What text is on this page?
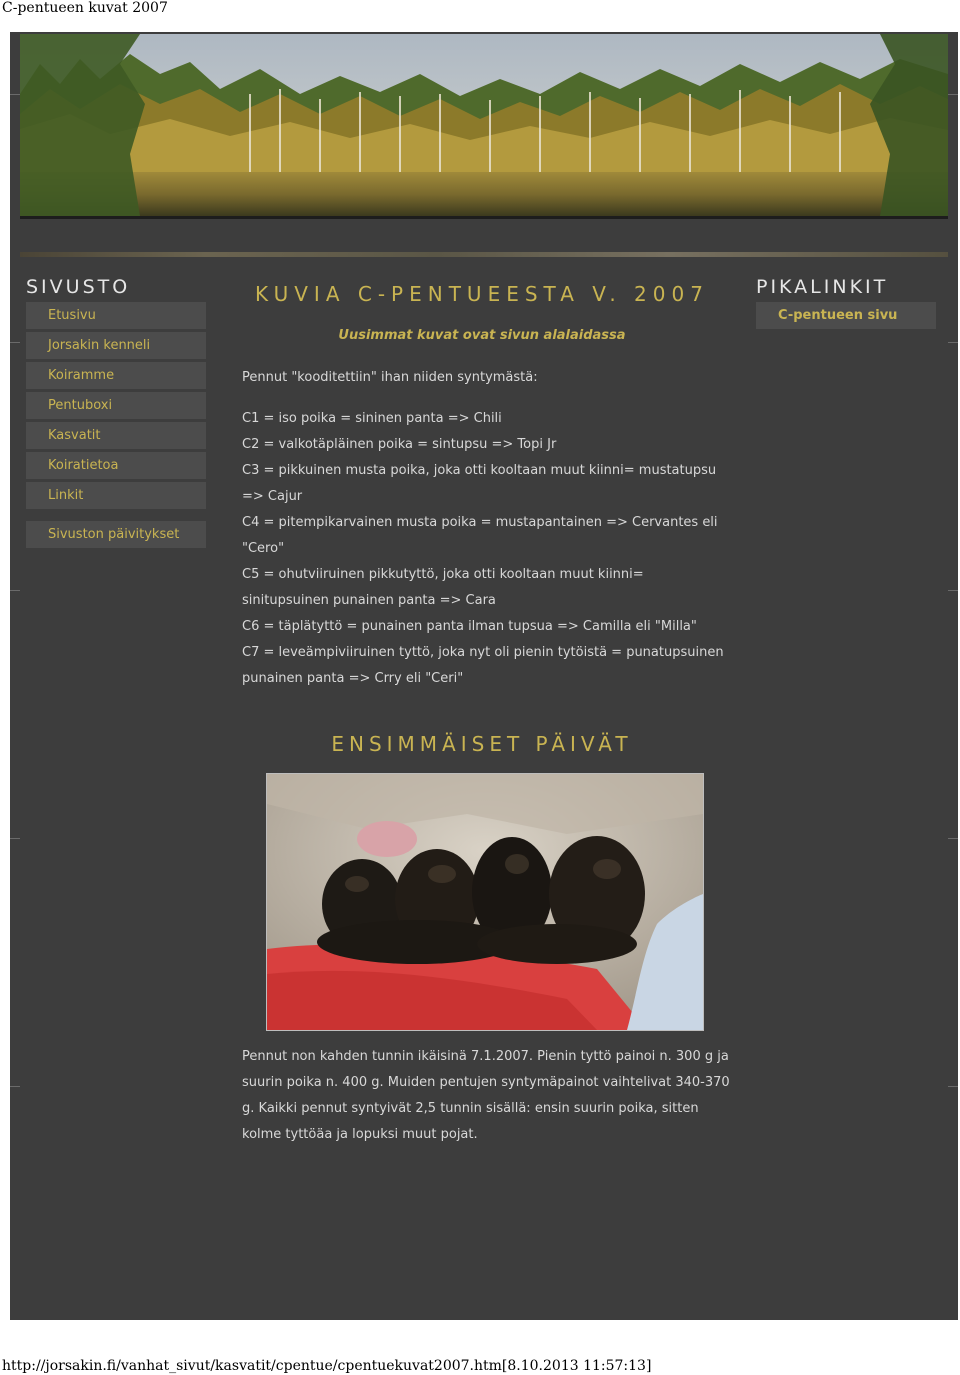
C-pentueen kuvat 2007
SIVUSTO
Etusivu
Jorsakin kenneli
Koiramme
Pentuboxi
Kasvatit
Koiratietoa
Linkit
Sivuston päivitykset
KUVIA C-PENTUEESTA V. 2007
Uusimmat kuvat ovat sivun alalaidassa

Pennut "kooditettiin" ihan niiden syntymästä:

C1 = iso poika = sininen panta => Chili

C2 = valkotäpläinen poika = sintupsu => Topi Jr

C3 = pikkuinen musta poika, joka otti kooltaan muut kiinni= mustatupsu => Cajur

C4 = pitempikarvainen musta poika = mustapantainen => Cervantes eli "Cero"

C5 = ohutviiruinen pikkutyttö, joka otti kooltaan muut kiinni= sinitupsuinen punainen panta => Cara

C6 = täplätyttö = punainen panta ilman tupsua => Camilla eli "Milla"

C7 = leveämpiviiruinen tyttö, joka nyt oli pienin tytöistä = punatupsuinen punainen panta => Crry eli "Ceri"

ENSIMMÄISET PÄIVÄT

Pennut non kahden tunnin ikäisinä 7.1.2007. Pienin tyttö painoi n. 300 g ja suurin poika n. 400 g. Muiden pentujen syntymäpainot vaihtelivat 340-370 g. Kaikki pennut syntyivät 2,5 tunnin sisällä: ensin suurin poika, sitten kolme tyttöäa ja lopuksi muut pojat.

PIKALINKIT
C-pentueen sivu
http://jorsakin.fi/vanhat_sivut/kasvatit/cpentue/cpentuekuvat2007.htm[8.10.2013 11:57:13]
